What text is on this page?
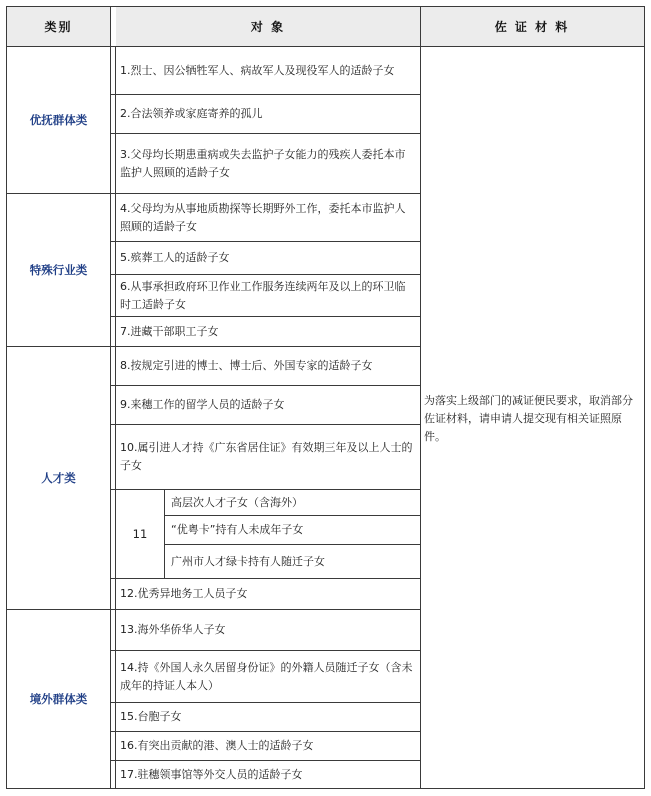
类别	对 象	佐 证 材 料
优抚群体类
特殊行业类
人才类
境外群体类
1.烈士、因公牺牲军人、病故军人及现役军人的适龄子女
2.合法领养或家庭寄养的孤儿
3.父母均长期患重病或失去监护子女能力的残疾人委托本市监护人照顾的适龄子女
4.父母均为从事地质勘探等长期野外工作，委托本市监护人照顾的适龄子女
5.殡葬工人的适龄子女
6.从事承担政府环卫作业工作服务连续两年及以上的环卫临时工适龄子女
7.进藏干部职工子女
8.按规定引进的博士、博士后、外国专家的适龄子女
9.来穗工作的留学人员的适龄子女
10.属引进人才持《广东省居住证》有效期三年及以上人士的子女
11
高层次人才子女（含海外）
“优粤卡”持有人未成年子女
广州市人才绿卡持有人随迁子女
12.优秀异地务工人员子女
13.海外华侨华人子女
14.持《外国人永久居留身份证》的外籍人员随迁子女（含未成年的持证人本人）
15.台胞子女
16.有突出贡献的港、澳人士的适龄子女
17.驻穗领事馆等外交人员的适龄子女
为落实上级部门的减证便民要求，取消部分佐证材料，请申请人提交现有相关证照原件。
